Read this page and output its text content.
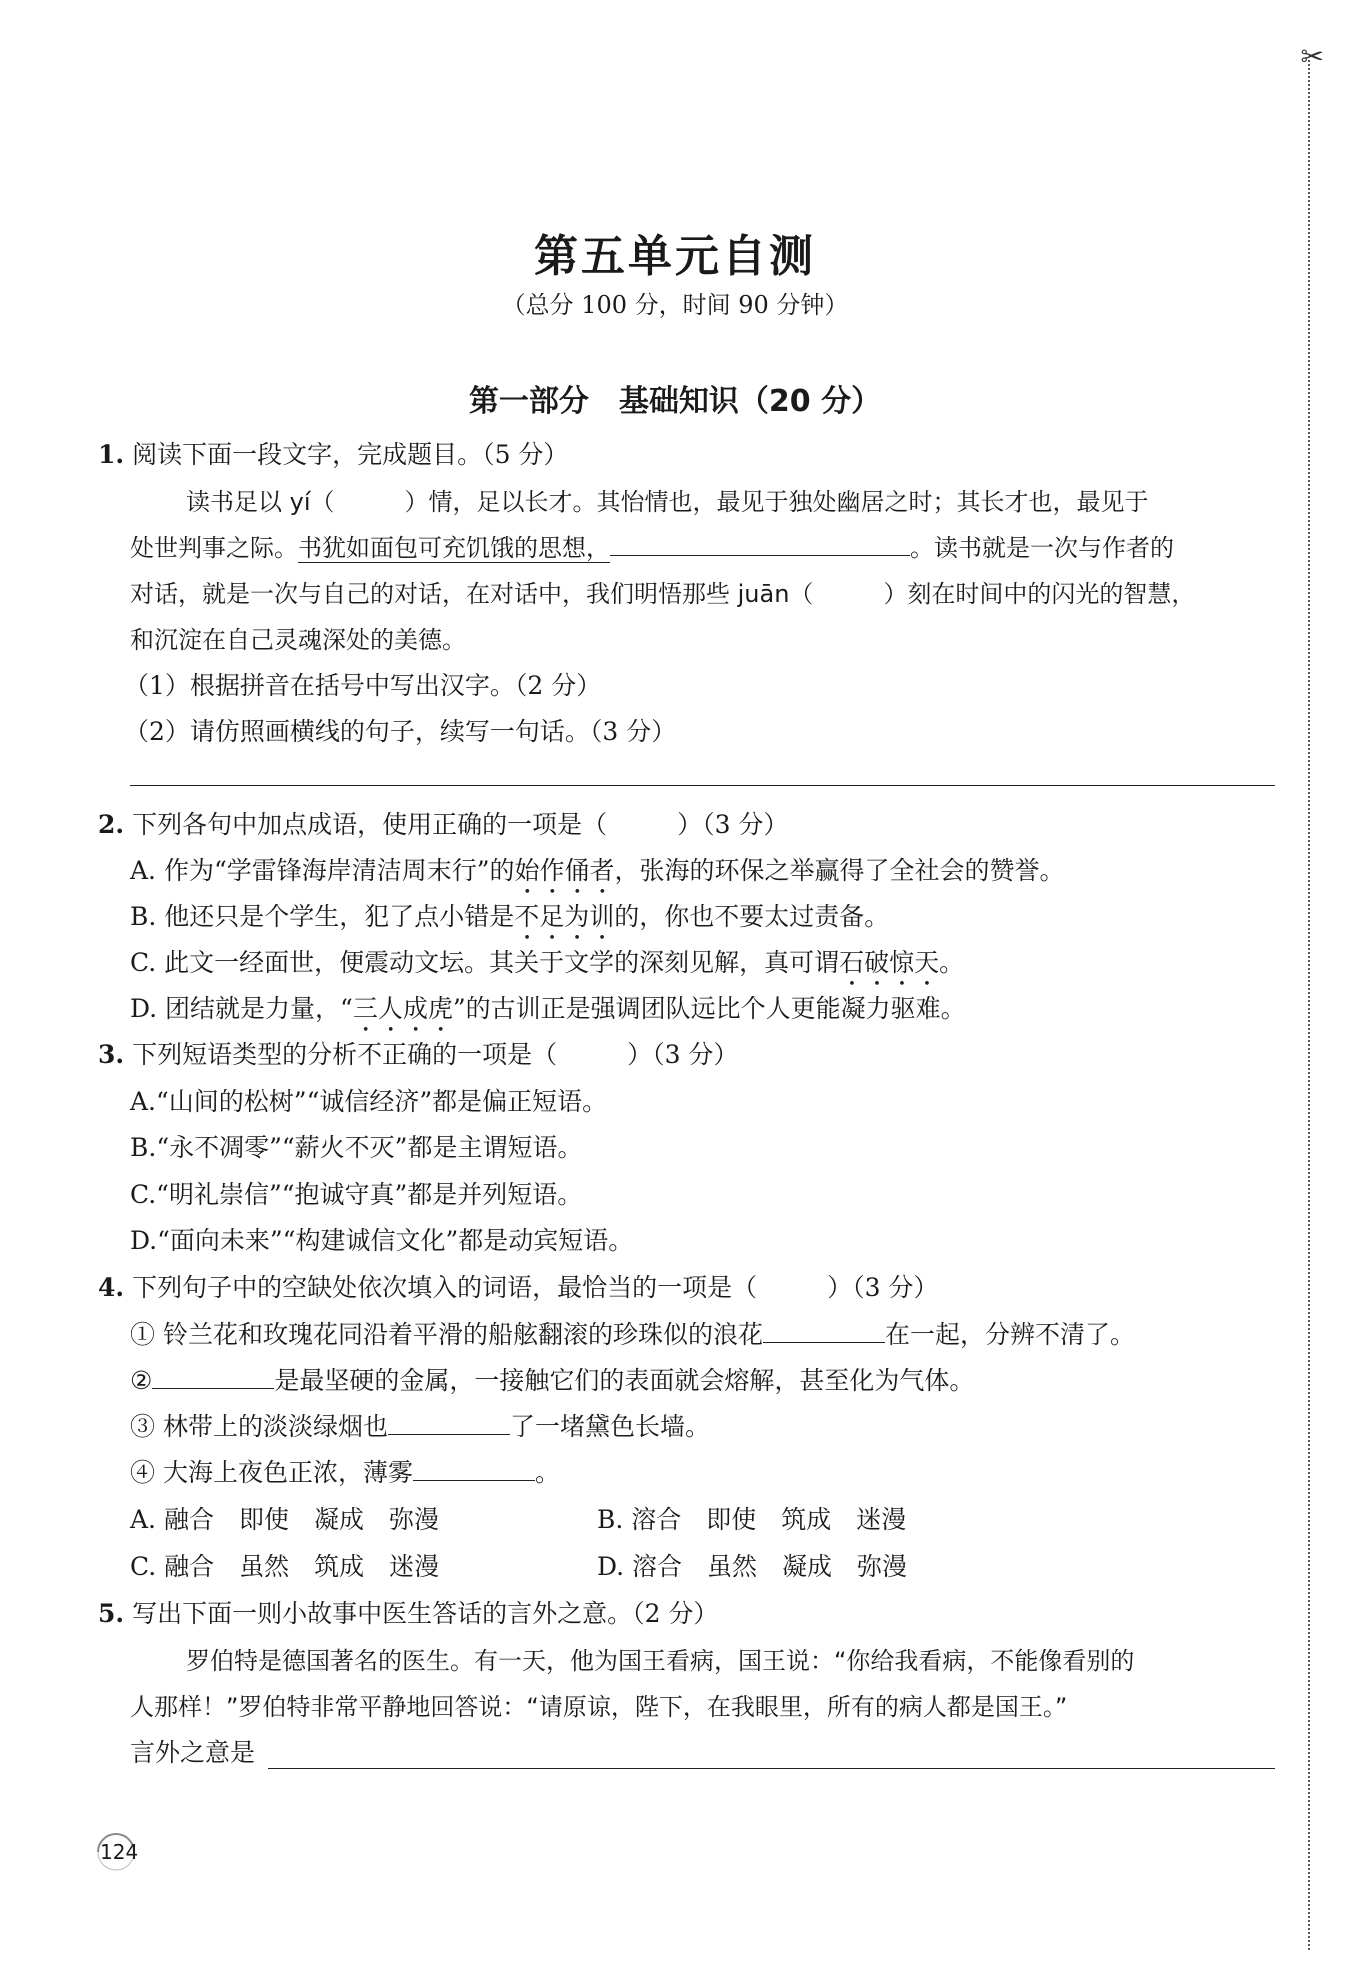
✂
第五单元自测
（总分 100 分，时间 90 分钟）
第一部分　基础知识（20 分）
1. 阅读下面一段文字，完成题目。（5 分）
读书足以 yí（	）情，足以长才。其怡情也，最见于独处幽居之时；其长才也，最见于
处世判事之际。书犹如面包可充饥饿的思想，	。读书就是一次与作者的
对话，就是一次与自己的对话，在对话中，我们明悟那些 juān（	）刻在时间中的闪光的智慧，
和沉淀在自己灵魂深处的美德。
（1）根据拼音在括号中写出汉字。（2 分）
（2）请仿照画横线的句子，续写一句话。（3 分）
2. 下列各句中加点成语，使用正确的一项是（	）（3 分）
A. 作为“学雷锋海岸清洁周末行”的始作俑者，张海的环保之举赢得了全社会的赞誉。
B. 他还只是个学生，犯了点小错是不足为训的，你也不要太过责备。
C. 此文一经面世，便震动文坛。其关于文学的深刻见解，真可谓石破惊天。
D. 团结就是力量，“三人成虎”的古训正是强调团队远比个人更能凝力驱难。
3. 下列短语类型的分析不正确的一项是（	）（3 分）
A.“山间的松树”“诚信经济”都是偏正短语。
B.“永不凋零”“薪火不灭”都是主谓短语。
C.“明礼崇信”“抱诚守真”都是并列短语。
D.“面向未来”“构建诚信文化”都是动宾短语。
4. 下列句子中的空缺处依次填入的词语，最恰当的一项是（	）（3 分）
① 铃兰花和玫瑰花同沿着平滑的船舷翻滚的珍珠似的浪花	在一起，分辨不清了。
②	是最坚硬的金属，一接触它们的表面就会熔解，甚至化为气体。
③ 林带上的淡淡绿烟也	了一堵黛色长墙。
④ 大海上夜色正浓，薄雾	。
A. 融合　即使　凝成　弥漫	B. 溶合　即使　筑成　迷漫
C. 融合　虽然　筑成　迷漫	D. 溶合　虽然　凝成　弥漫
5. 写出下面一则小故事中医生答话的言外之意。（2 分）
罗伯特是德国著名的医生。有一天，他为国王看病，国王说：“你给我看病，不能像看别的
人那样！”罗伯特非常平静地回答说：“请原谅，陛下，在我眼里，所有的病人都是国王。”
言外之意是
124
